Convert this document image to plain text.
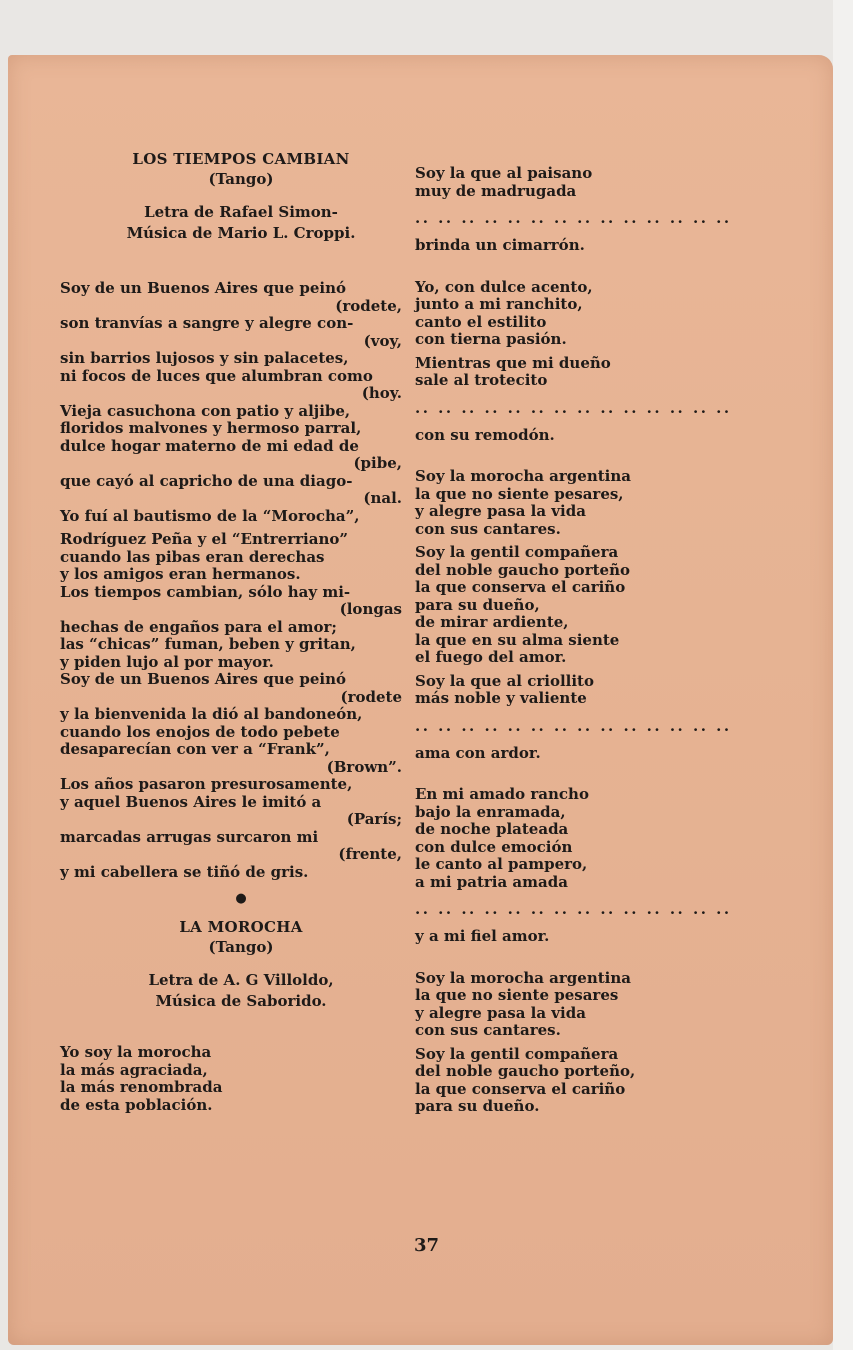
LOS TIEMPOS CAMBIAN
(Tango)
Letra de Rafael Simon-
Música de Mario L. Croppi.
Soy de un Buenos Aires que peinó
(rodete,
son tranvías a sangre y alegre con-
(voy,
sin barrios lujosos y sin palacetes,
ni focos de luces que alumbran como
(hoy.
Vieja casuchona con patio y aljibe,
floridos malvones y hermoso parral,
dulce hogar materno de mi edad de
(pibe,
que cayó al capricho de una diago-
(nal.
Yo fuí al bautismo de la “Morocha”,
Rodríguez Peña y el “Entrerriano”
cuando las pibas eran derechas
y los amigos eran hermanos.
Los tiempos cambian, sólo hay mi-
(longas
hechas de engaños para el amor;
las “chicas” fuman, beben y gritan,
y piden lujo al por mayor.
Soy de un Buenos Aires que peinó
(rodete
y la bienvenida la dió al bandoneón,
cuando los enojos de todo pebete
desaparecían con ver a “Frank”,
(Brown”.
Los años pasaron presurosamente,
y aquel Buenos Aires le imitó a
(París;
marcadas arrugas surcaron mi
(frente,
y mi cabellera se tiñó de gris.
●
LA MOROCHA
(Tango)
Letra de A. G Villoldo,
Música de Saborido.
Yo soy la morocha
la más agraciada,
la más renombrada
de esta población.
Soy la que al paisano
muy de madrugada
.. .. .. .. .. .. .. .. .. .. .. .. .. ..
brinda un cimarrón.
Yo, con dulce acento,
junto a mi ranchito,
canto el estilito
con tierna pasión.
Mientras que mi dueño
sale al trotecito
.. .. .. .. .. .. .. .. .. .. .. .. .. ..
con su remodón.
Soy la morocha argentina
la que no siente pesares,
y alegre pasa la vida
con sus cantares.
Soy la gentil compañera
del noble gaucho porteño
la que conserva el cariño
para su dueño,
de mirar ardiente,
la que en su alma siente
el fuego del amor.
Soy la que al criollito
más noble y valiente
.. .. .. .. .. .. .. .. .. .. .. .. .. ..
ama con ardor.
En mi amado rancho
bajo la enramada,
de noche plateada
con dulce emoción
le canto al pampero,
a mi patria amada
.. .. .. .. .. .. .. .. .. .. .. .. .. ..
y a mi fiel amor.
Soy la morocha argentina
la que no siente pesares
y alegre pasa la vida
con sus cantares.
Soy la gentil compañera
del noble gaucho porteño,
la que conserva el cariño
para su dueño.
37
